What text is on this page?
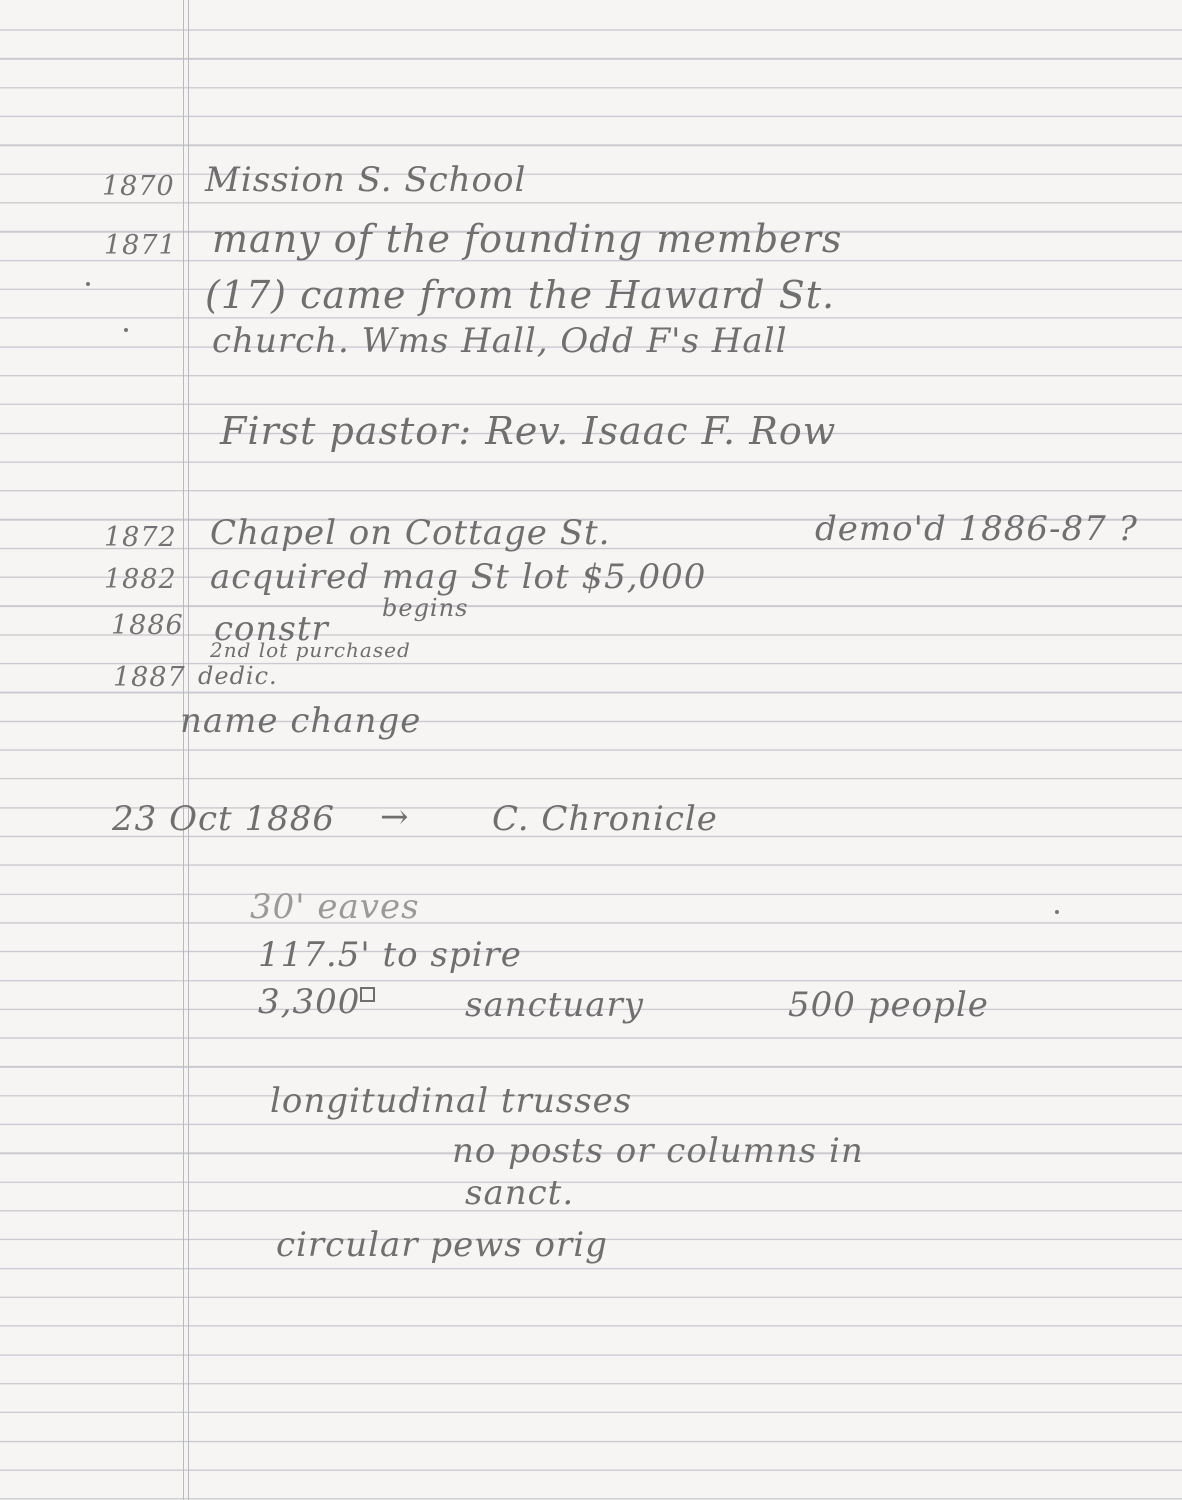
1870 Mission S. School
1871 many of the founding members
(17) came from the Haward St.
church. Wms Hall, Odd F's Hall
First pastor: Rev. Isaac F. Row
1872 Chapel on Cottage St.	demo'd 1886-87 ?
1882 acquired mag St lot $5,000
1886 constr
begins
2nd lot purchased
1887 dedic.
name change
23 Oct 1886 → C. Chronicle
30' eaves
117.5' to spire
3,300	sanctuary	500 people
longitudinal trusses
no posts or columns in
sanct.
circular pews orig
